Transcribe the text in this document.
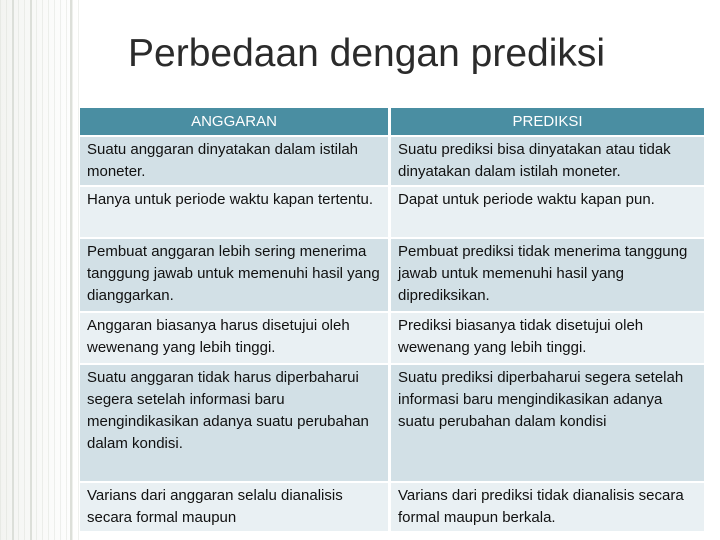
Perbedaan dengan prediksi
ANGGARAN	PREDIKSI
Suatu anggaran dinyatakan dalam istilah moneter.	Suatu prediksi bisa dinyatakan atau tidak dinyatakan dalam istilah moneter.
Hanya untuk periode waktu kapan tertentu.	Dapat untuk periode waktu kapan pun.
Pembuat anggaran lebih sering menerima tanggung jawab untuk memenuhi hasil yang dianggarkan.	Pembuat prediksi tidak menerima tanggung jawab untuk memenuhi hasil yang diprediksikan.
Anggaran biasanya harus disetujui oleh wewenang yang lebih tinggi.	Prediksi biasanya tidak disetujui oleh wewenang yang lebih tinggi.
Suatu anggaran tidak harus diperbaharui segera setelah informasi baru mengindikasikan adanya suatu perubahan dalam kondisi.	Suatu prediksi diperbaharui segera setelah informasi baru mengindikasikan adanya suatu perubahan dalam kondisi
Varians dari anggaran selalu dianalisis secara formal maupun	Varians dari prediksi tidak dianalisis secara formal maupun berkala.
